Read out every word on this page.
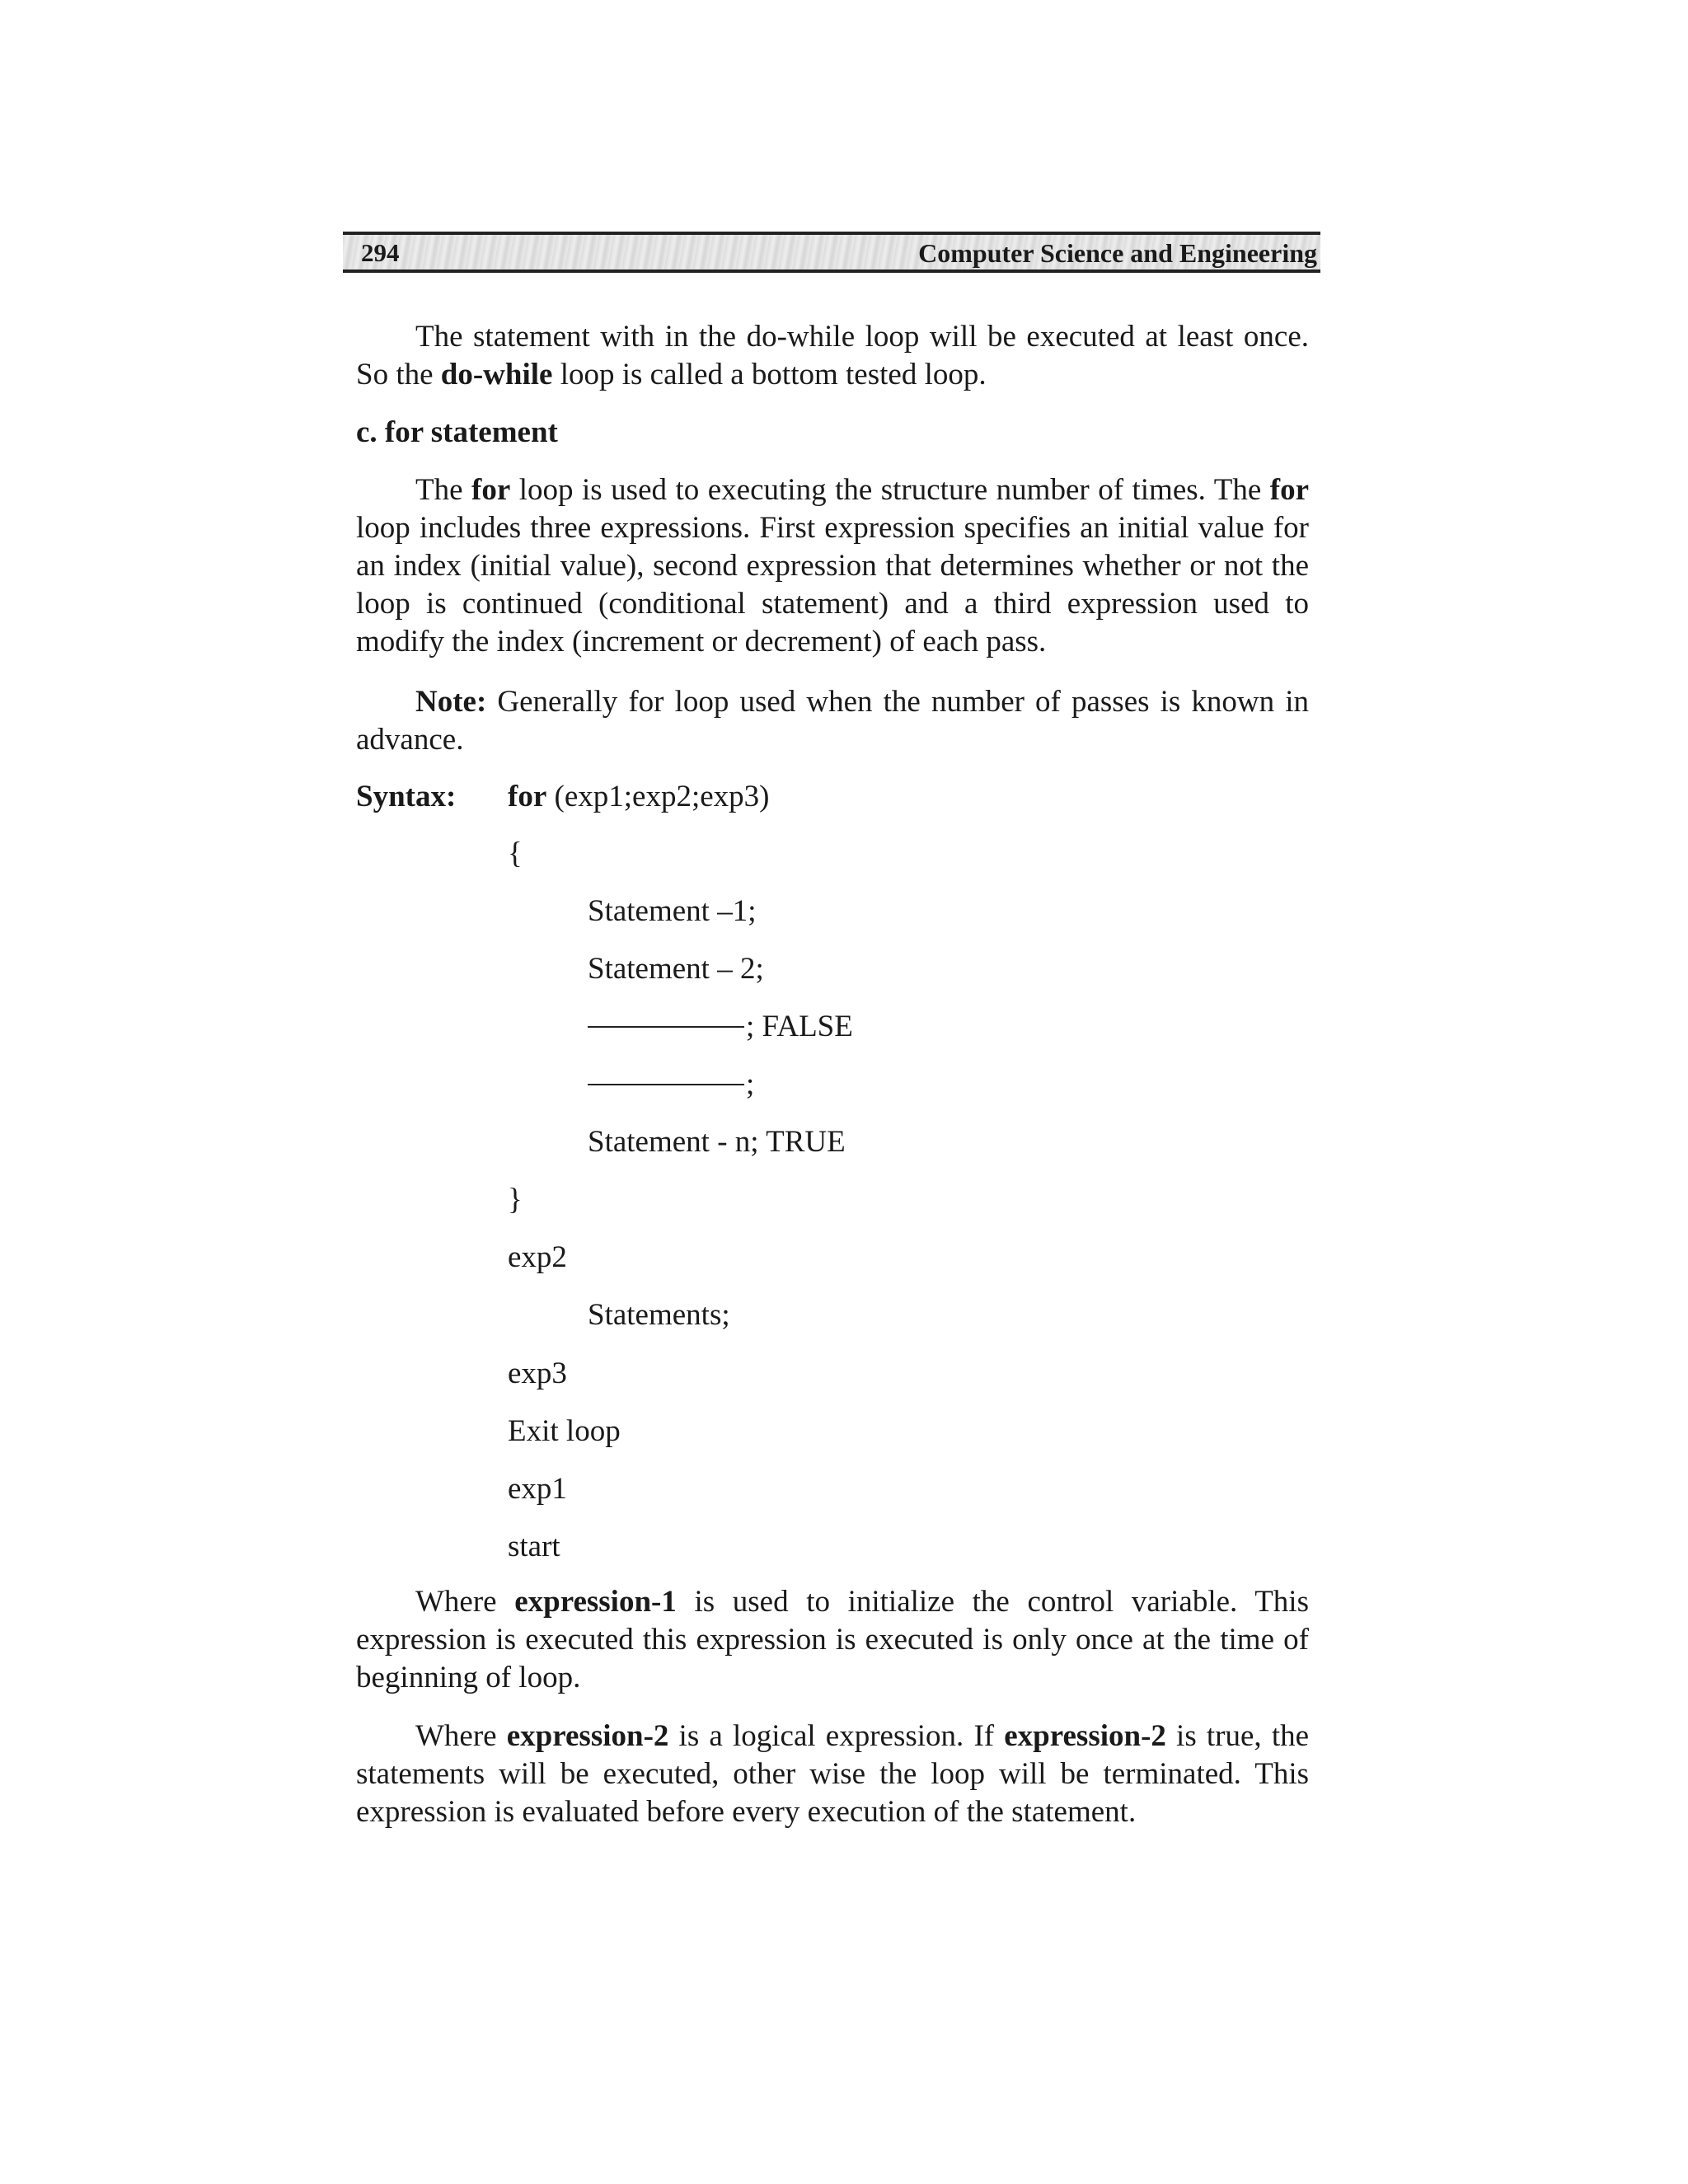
294	Computer Science and Engineering
The statement with in the do-while loop will be executed at least once. So the do-while loop is called a bottom tested loop.
c. for statement
The for loop is used to executing the structure number of times. The for loop includes three expressions. First expression specifies an initial value for an index (initial value), second expression that determines whether or not the loop is continued (conditional statement) and a third expression used to modify the index (increment or decrement) of each pass.
Note: Generally for loop used when the number of passes is known in advance.
Syntax: for (exp1;exp2;exp3)
{
Statement –1;
Statement – 2;
; FALSE
;
Statement - n; TRUE
}
exp2
Statements;
exp3
Exit loop
exp1
start
Where expression-1 is used to initialize the control variable. This expression is executed this expression is executed is only once at the time of beginning of loop.
Where expression-2 is a logical expression. If expression-2 is true, the statements will be executed, other wise the loop will be terminated. This expression is evaluated before every execution of the statement.
